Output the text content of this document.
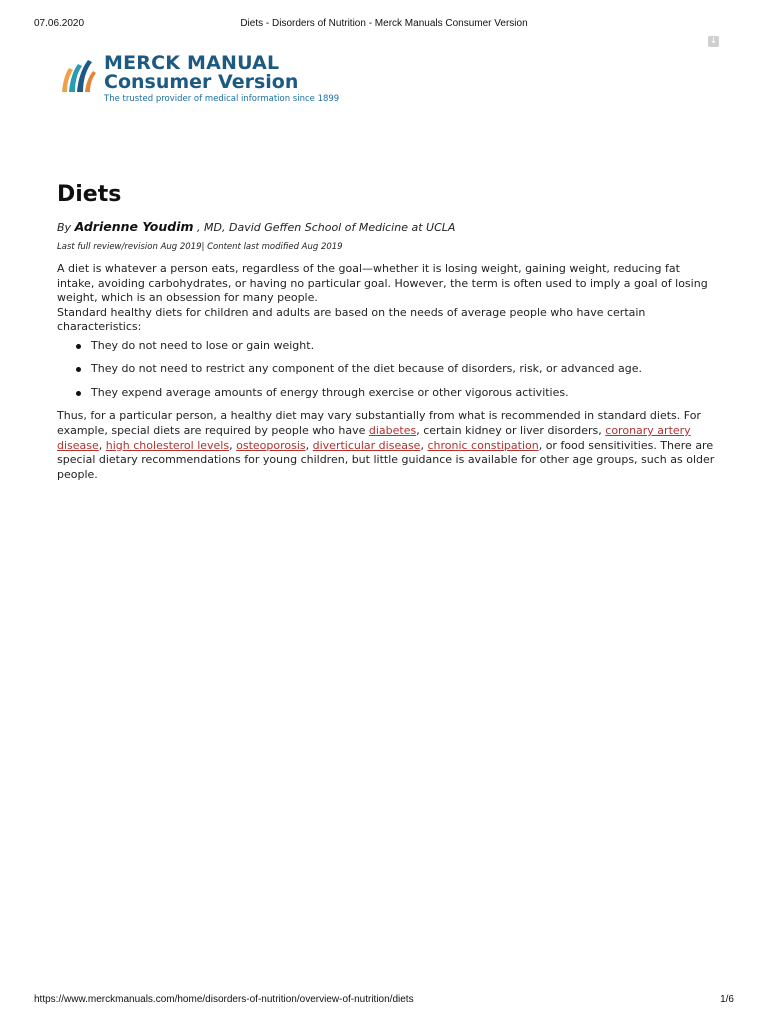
07.06.2020	Diets - Disorders of Nutrition - Merck Manuals Consumer Version
↓
MERCK MANUAL
Consumer Version
The trusted provider of medical information since 1899
Diets
By Adrienne Youdim , MD, David Geffen School of Medicine at UCLA
Last full review/revision Aug 2019| Content last modified Aug 2019

A diet is whatever a person eats, regardless of the goal—whether it is losing weight, gaining weight, reducing fat intake, avoiding carbohydrates, or having no particular goal. However, the term is often used to imply a goal of losing weight, which is an obsession for many people.

Standard healthy diets for children and adults are based on the needs of average people who have certain characteristics:

They do not need to lose or gain weight.
They do not need to restrict any component of the diet because of disorders, risk, or advanced age.
They expend average amounts of energy through exercise or other vigorous activities.

Thus, for a particular person, a healthy diet may vary substantially from what is recommended in standard diets. For example, special diets are required by people who have diabetes, certain kidney or liver disorders, coronary artery disease, high cholesterol levels, osteoporosis, diverticular disease, chronic constipation, or food sensitivities. There are special dietary recommendations for young children, but little guidance is available for other age groups, such as older people.

https://www.merckmanuals.com/home/disorders-of-nutrition/overview-of-nutrition/diets	1/6
